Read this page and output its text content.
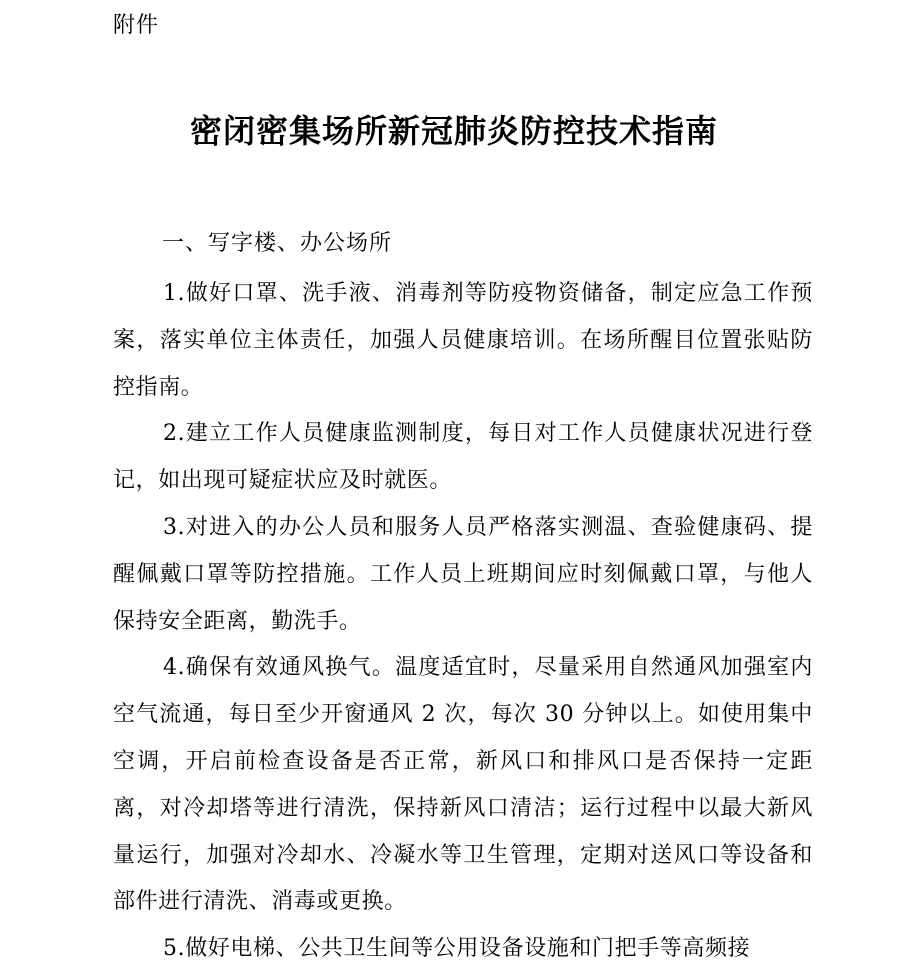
附件
密闭密集场所新冠肺炎防控技术指南
一、写字楼、办公场所

1.做好口罩、洗手液、消毒剂等防疫物资储备，制定应急工作预案，落实单位主体责任，加强人员健康培训。在场所醒目位置张贴防控指南。

2.建立工作人员健康监测制度，每日对工作人员健康状况进行登记，如出现可疑症状应及时就医。

3.对进入的办公人员和服务人员严格落实测温、查验健康码、提醒佩戴口罩等防控措施。工作人员上班期间应时刻佩戴口罩，与他人保持安全距离，勤洗手。

4.确保有效通风换气。温度适宜时，尽量采用自然通风加强室内空气流通，每日至少开窗通风 2 次，每次 30 分钟以上。如使用集中空调，开启前检查设备是否正常，新风口和排风口是否保持一定距离，对冷却塔等进行清洗，保持新风口清洁；运行过程中以最大新风量运行，加强对冷却水、冷凝水等卫生管理，定期对送风口等设备和部件进行清洗、消毒或更换。

5.做好电梯、公共卫生间等公用设备设施和门把手等高频接
